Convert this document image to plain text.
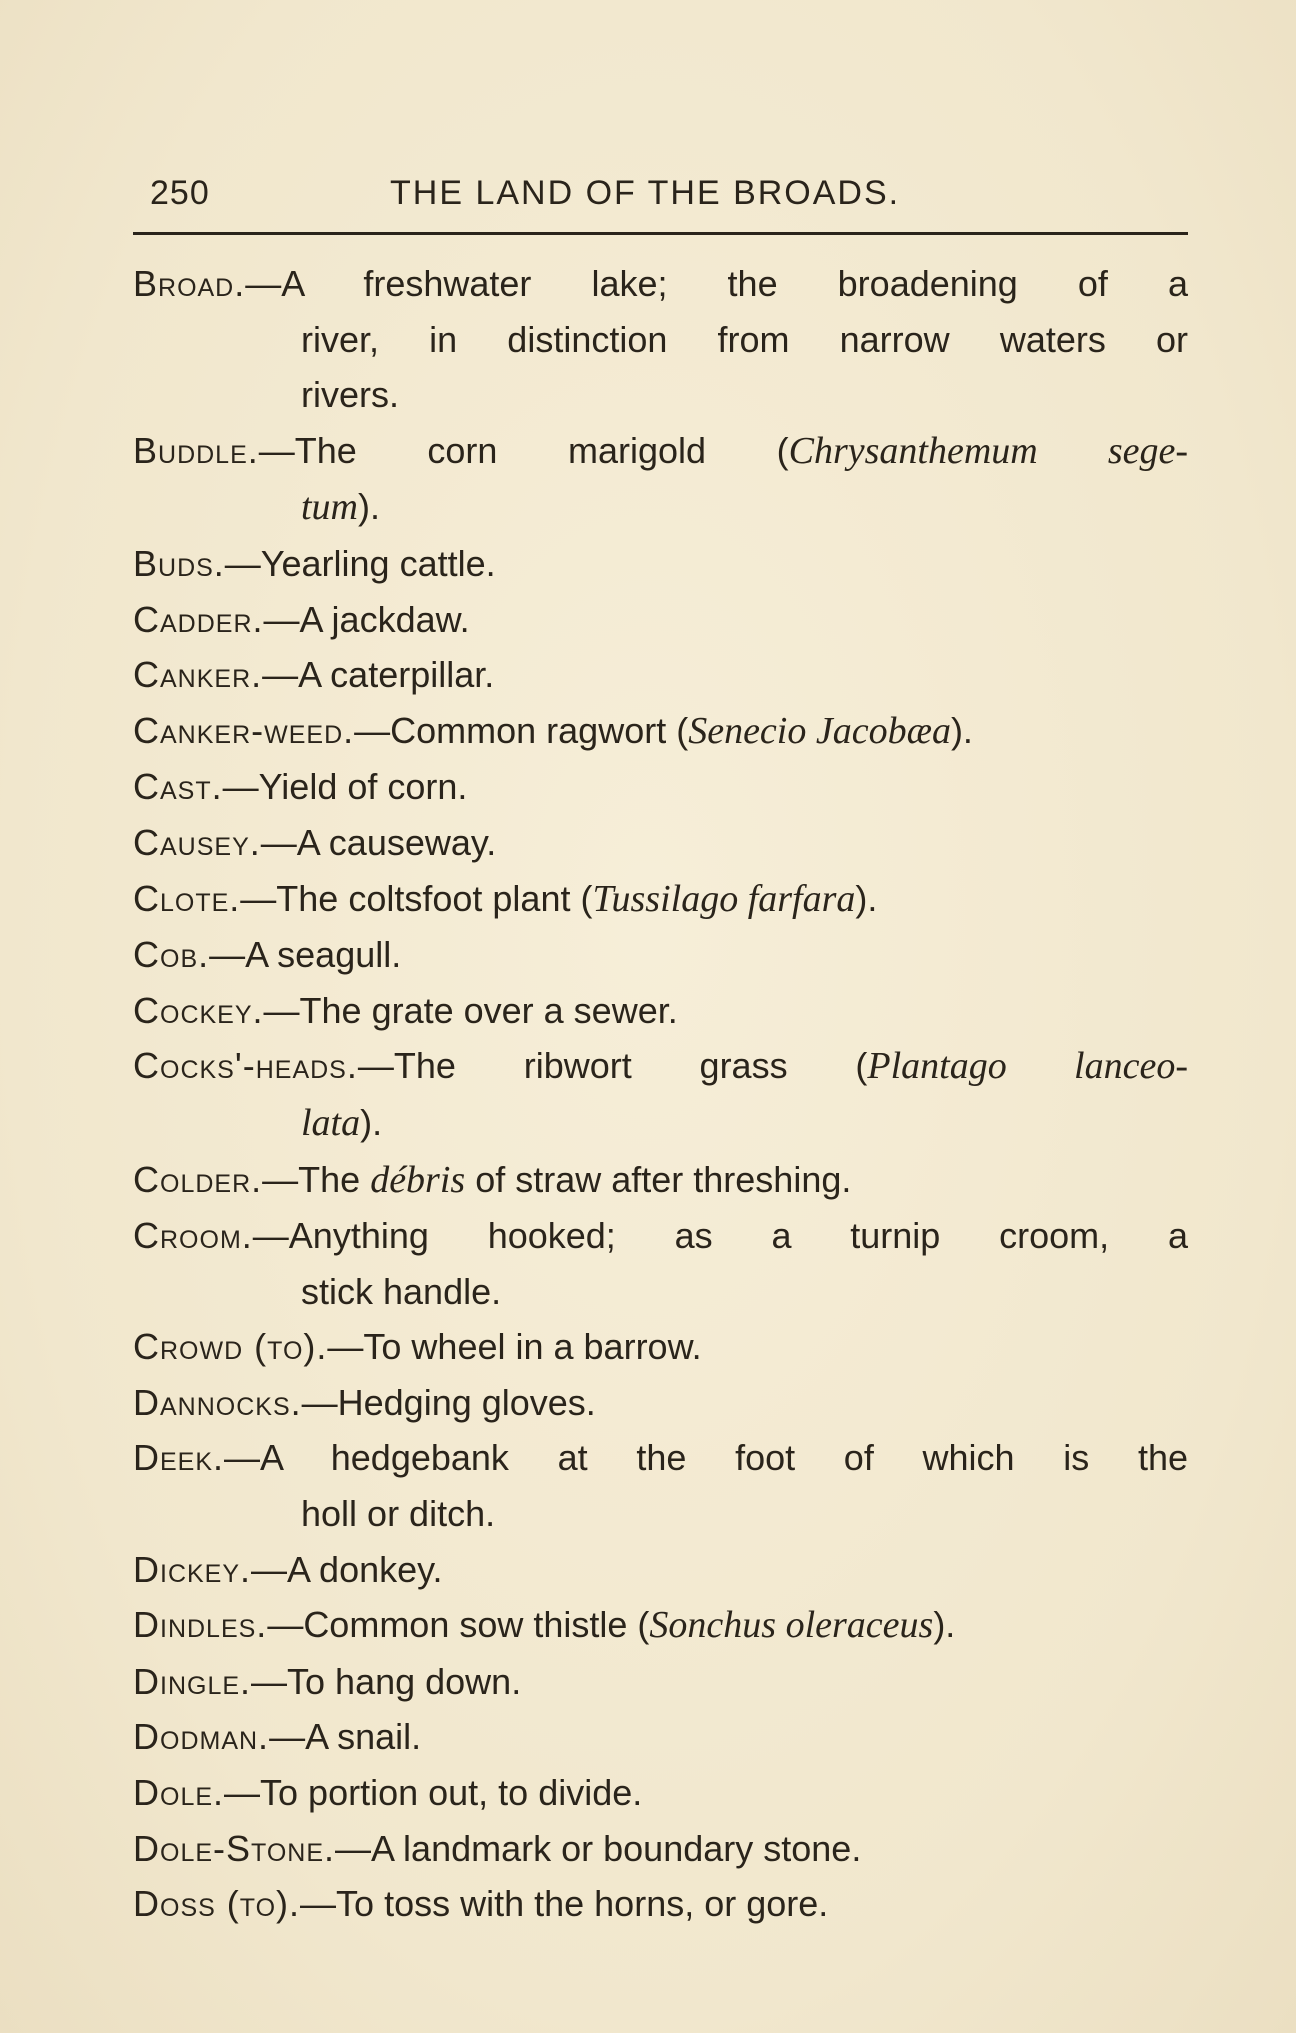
250	THE LAND OF THE BROADS.

Broad.—A freshwater lake; the broadening of a
river, in distinction from narrow waters or
rivers.

Buddle.—The corn marigold (Chrysanthemum sege-
tum).

Buds.—Yearling cattle.

Cadder.—A jackdaw.

Canker.—A caterpillar.

Canker-weed.—Common ragwort (Senecio Jacobæa).

Cast.—Yield of corn.

Causey.—A causeway.

Clote.—The coltsfoot plant (Tussilago farfara).

Cob.—A seagull.

Cockey.—The grate over a sewer.

Cocks'-heads.—The ribwort grass (Plantago lanceo-
lata).

Colder.—The débris of straw after threshing.

Croom.—Anything hooked; as a turnip croom, a
stick handle.

Crowd (to).—To wheel in a barrow.

Dannocks.—Hedging gloves.

Deek.—A hedgebank at the foot of which is the
holl or ditch.

Dickey.—A donkey.

Dindles.—Common sow thistle (Sonchus oleraceus).

Dingle.—To hang down.

Dodman.—A snail.

Dole.—To portion out, to divide.

Dole-Stone.—A landmark or boundary stone.

Doss (to).—To toss with the horns, or gore.
